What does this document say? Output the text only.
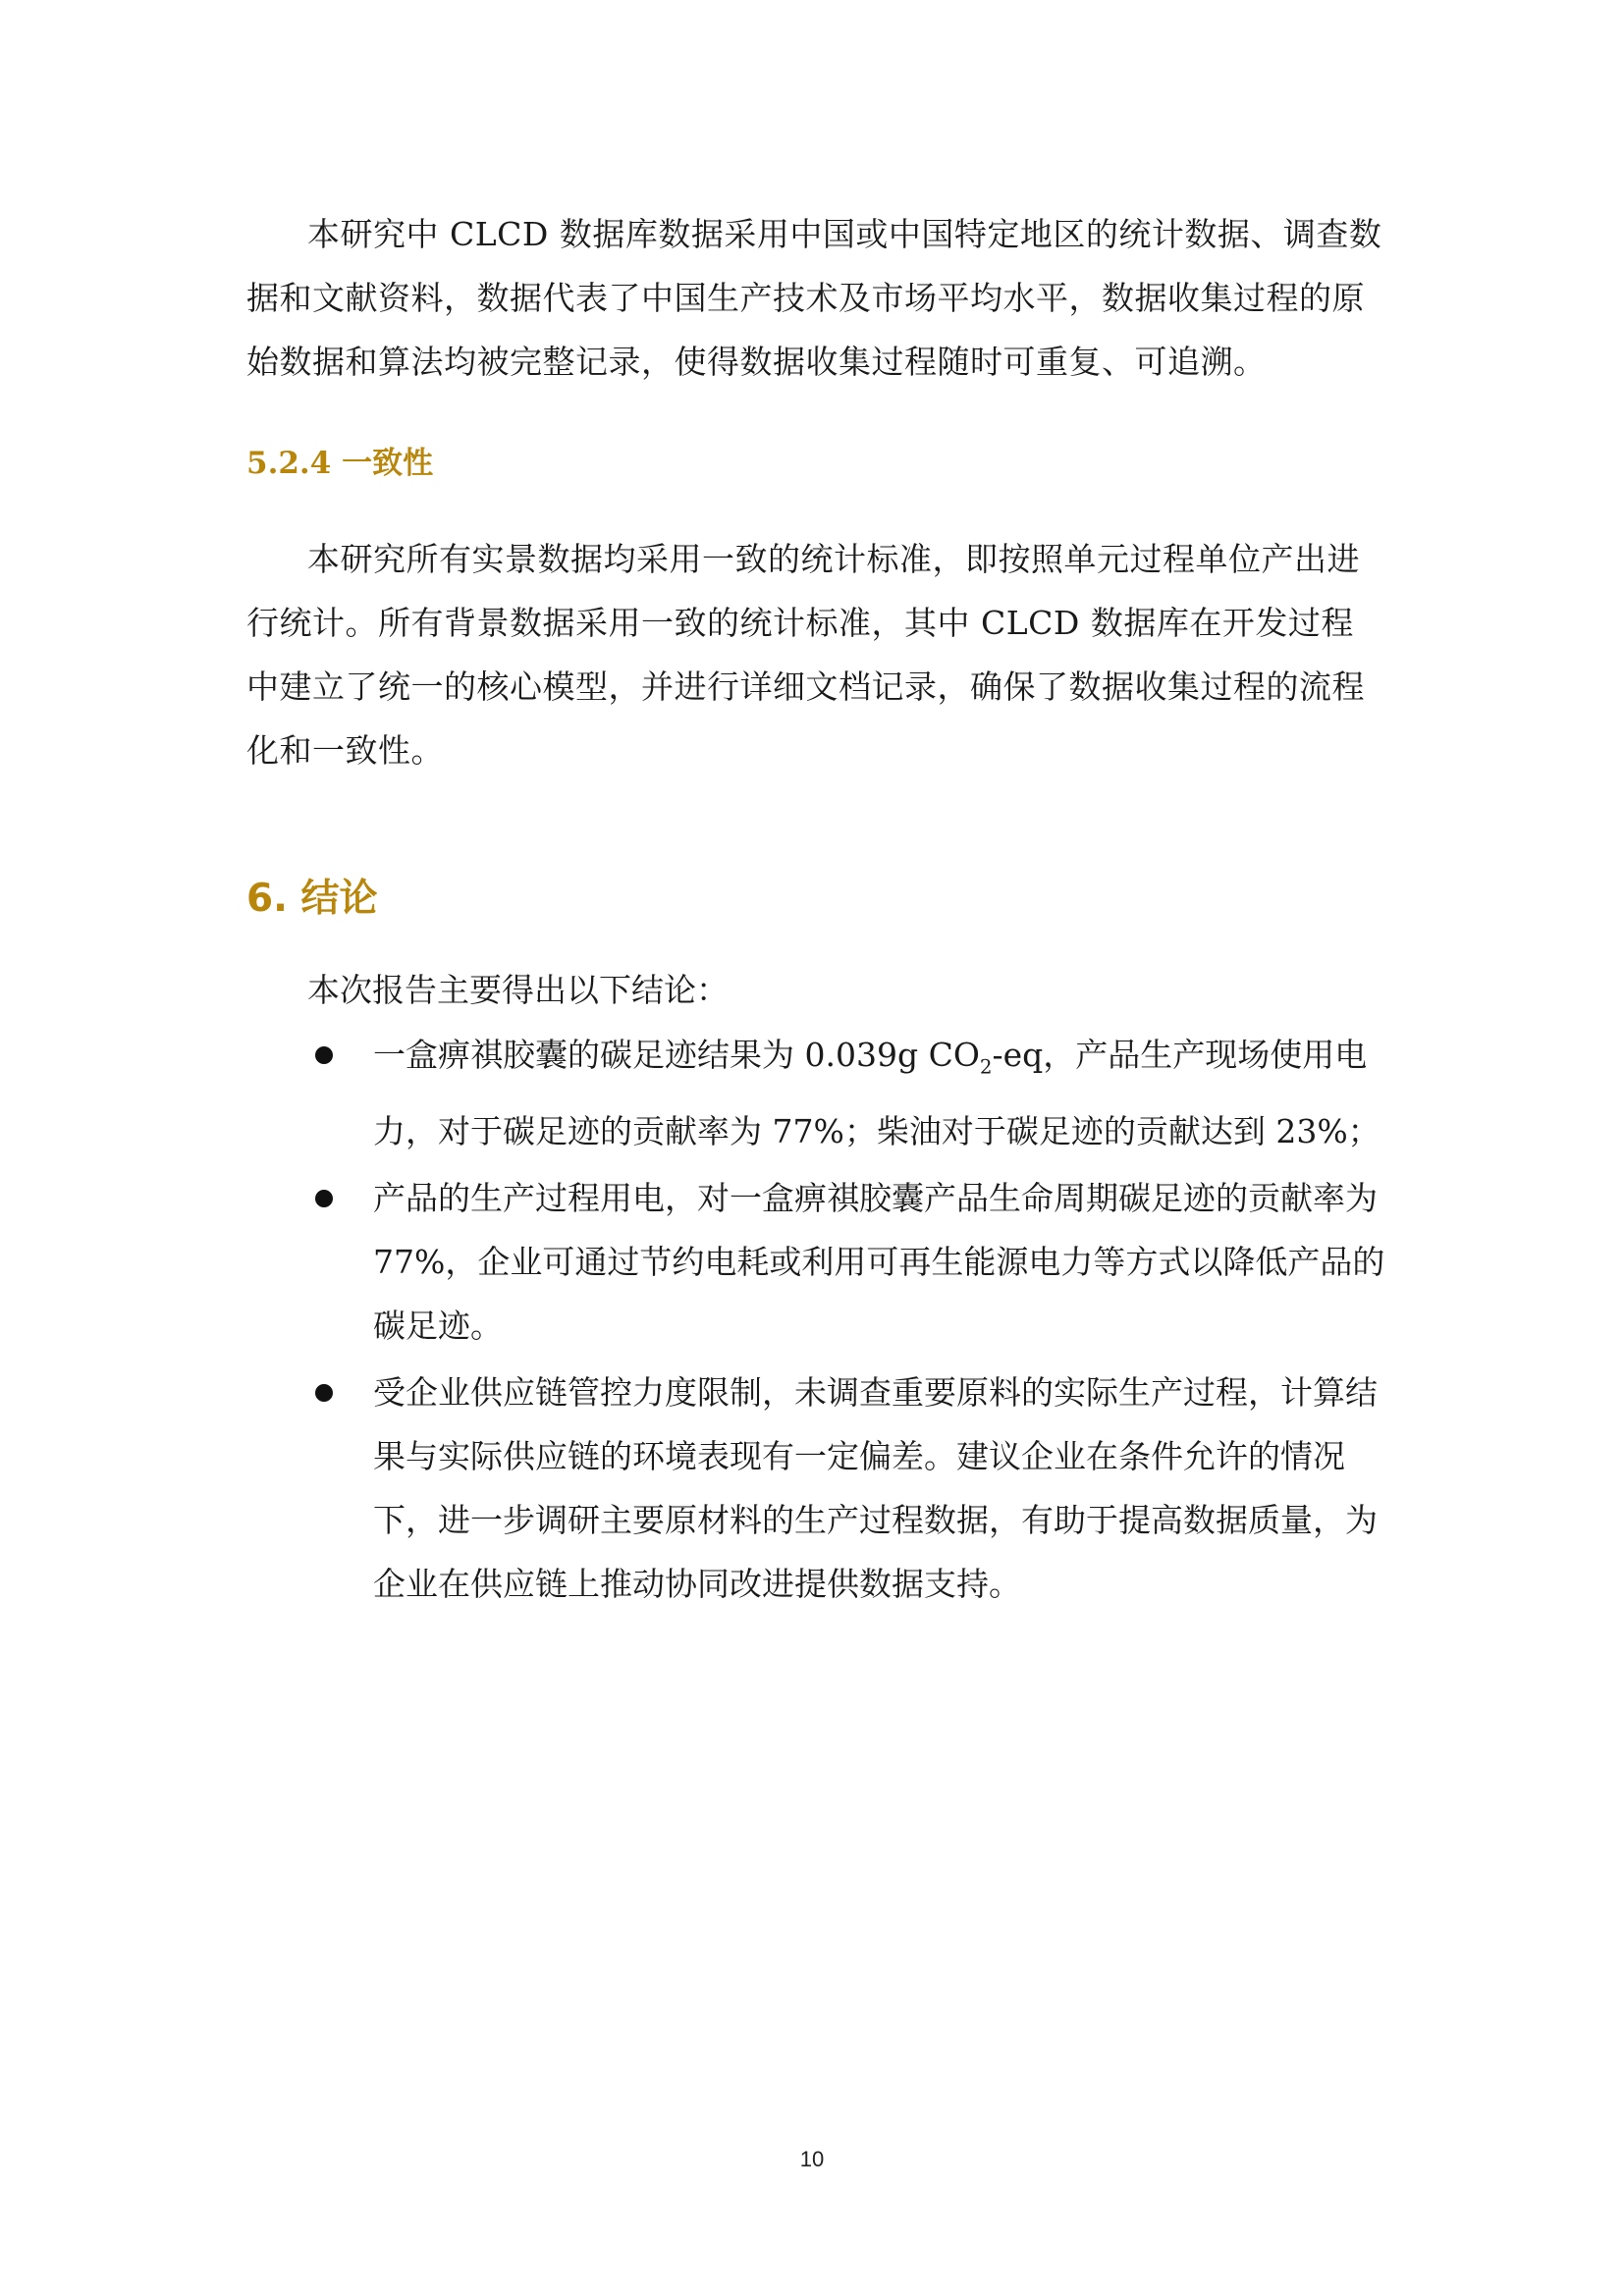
本研究中 CLCD 数据库数据采用中国或中国特定地区的统计数据、调查数据和文献资料，数据代表了中国生产技术及市场平均水平，数据收集过程的原始数据和算法均被完整记录，使得数据收集过程随时可重复、可追溯。

5.2.4 一致性

本研究所有实景数据均采用一致的统计标准，即按照单元过程单位产出进行统计。所有背景数据采用一致的统计标准，其中 CLCD 数据库在开发过程中建立了统一的核心模型，并进行详细文档记录，确保了数据收集过程的流程化和一致性。

6. 结论

本次报告主要得出以下结论：

一盒痹祺胶囊的碳足迹结果为 0.039g $CO_2-eq$，产品生产现场使用电力，对于碳足迹的贡献率为 77%；柴油对于碳足迹的贡献达到 23%；
产品的生产过程用电，对一盒痹祺胶囊产品生命周期碳足迹的贡献率为 77%，企业可通过节约电耗或利用可再生能源电力等方式以降低产品的碳足迹。
受企业供应链管控力度限制，未调查重要原料的实际生产过程，计算结果与实际供应链的环境表现有一定偏差。建议企业在条件允许的情况下，进一步调研主要原材料的生产过程数据，有助于提高数据质量，为企业在供应链上推动协同改进提供数据支持。
10
